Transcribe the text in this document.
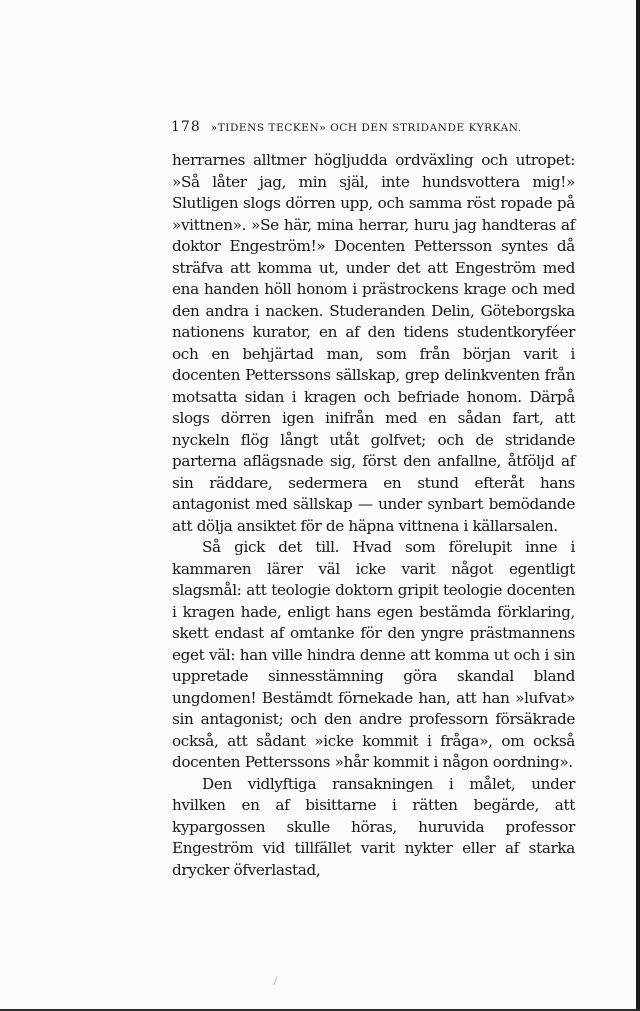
178 »TIDENS TECKEN» OCH DEN STRIDANDE KYRKAN.

herrarnes alltmer högljudda ordväxling och utropet: »Så låter jag, min själ, inte hundsvottera mig!» Slutligen slogs dörren upp, och samma röst ropade på »vittnen». »Se här, mina herrar, huru jag handteras af doktor Engeström!» Docenten Pettersson syntes då sträfva att komma ut, under det att Engeström med ena handen höll honom i prästrockens krage och med den andra i nacken. Studeranden Delin, Göteborgska nationens kurator, en af den tidens studentkoryféer och en behjärtad man, som från början varit i docenten Petterssons sällskap, grep delinkventen från motsatta sidan i kragen och befriade honom. Därpå slogs dörren igen inifrån med en sådan fart, att nyckeln flög långt utåt golfvet; och de stridande parterna aflägsnade sig, först den anfallne, åtföljd af sin räddare, sedermera en stund efteråt hans antagonist med sällskap — under synbart bemödande att dölja ansiktet för de häpna vittnena i källarsalen.

Så gick det till. Hvad som förelupit inne i kammaren lärer väl icke varit något egentligt slagsmål: att teologie doktorn gripit teologie docenten i kragen hade, enligt hans egen bestämda förklaring, skett endast af omtanke för den yngre prästmannens eget väl: han ville hindra denne att komma ut och i sin uppretade sinnesstämning göra skandal bland ungdomen! Bestämdt förnekade han, att han »lufvat» sin antagonist; och den andre professorn försäkrade också, att sådant »icke kommit i fråga», om också docenten Petterssons »hår kommit i någon oordning».

Den vidlyftiga ransakningen i målet, under hvilken en af bisittarne i rätten begärde, att kypargossen skulle höras, huruvida professor Engeström vid tillfället varit nykter eller af starka drycker öfverlastad,
